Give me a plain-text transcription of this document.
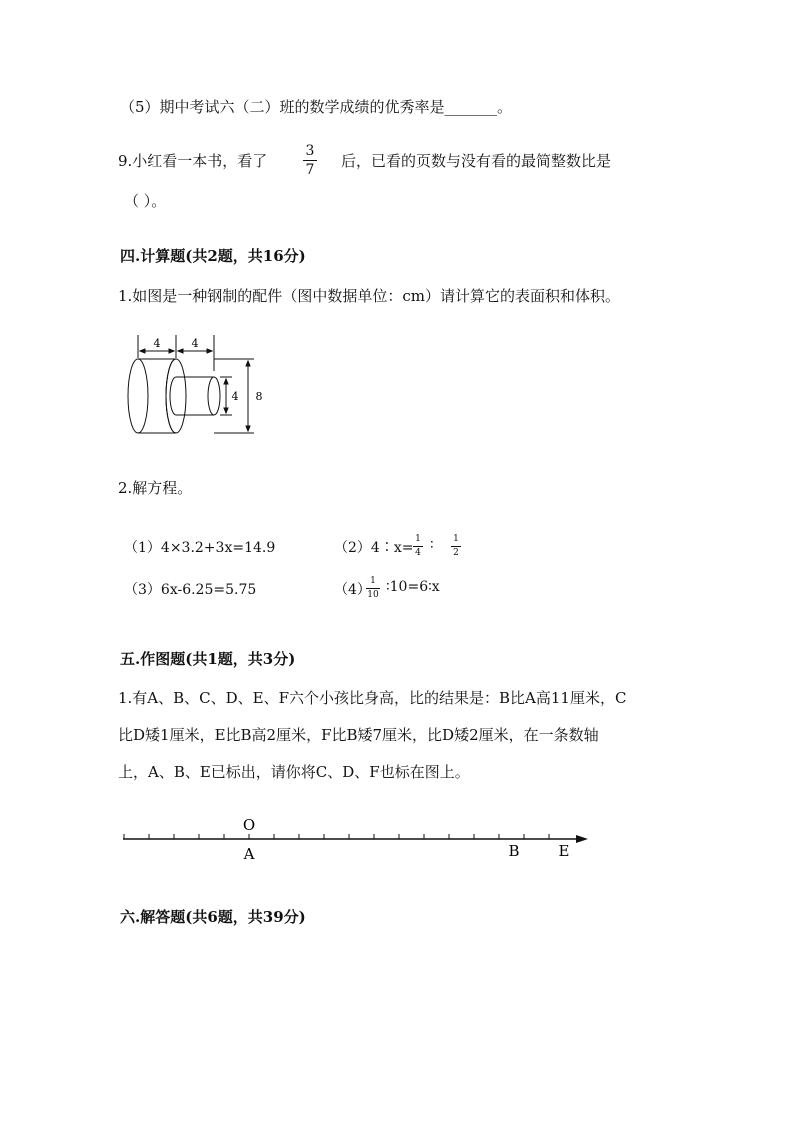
（5）期中考试六（二）班的数学成绩的优秀率是_______。
9.小红看一本书，看了
3
7 后，已看的页数与没有看的最简整数比是
（ ）。
四.计算题(共2题，共16分)
1.如图是一种钢制的配件（图中数据单位：cm）请计算它的表面积和体积。
4	4
4 8
2.解方程。
（1）4×3.2+3x=14.9	（2）4∶x=
1
4 ∶ 1
2
（3）6x-6.25=5.75	（4）
1
10 ∶10=6∶x
五.作图题(共1题，共3分)
1.有A、B、C、D、E、F六个小孩比身高，比的结果是：B比A高11厘米，C
比D矮1厘米，E比B高2厘米，F比B矮7厘米，比D矮2厘米，在一条数轴
上，A、B、E已标出，请你将C、D、F也标在图上。
O
A	B	E
六.解答题(共6题，共39分)
